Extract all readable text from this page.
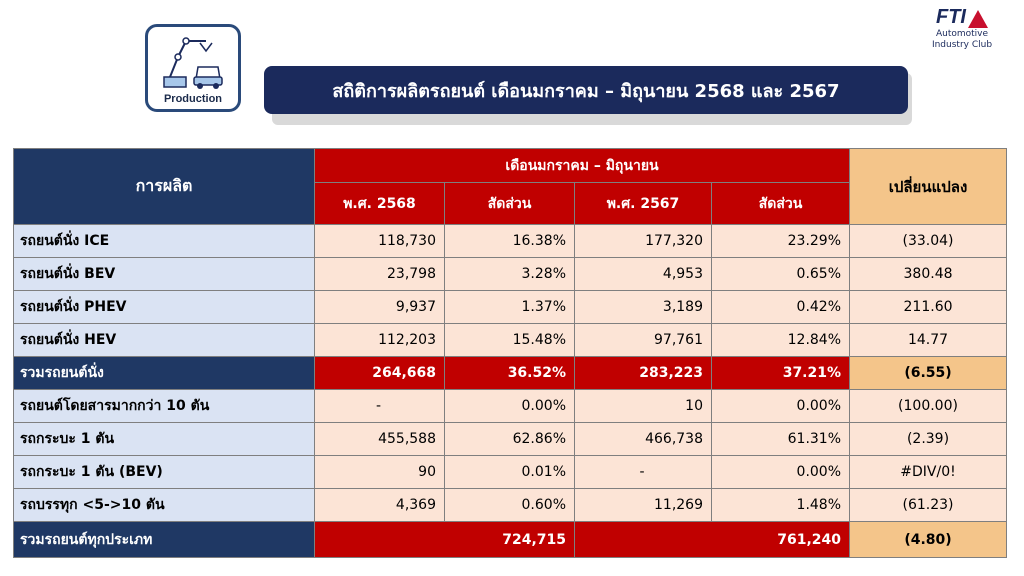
Production	สถิติการผลิตรถยนต์ เดือนมกราคม – มิถุนายน 2568 และ 2567
FTI
Automotive
Industry Club
การผลิต	เดือนมกราคม – มิถุนายน				เปลี่ยนแปลง
	พ.ศ. 2568	สัดส่วน	พ.ศ. 2567	สัดส่วน	
รถยนต์นั่ง ICE	118,730	16.38%	177,320	23.29%	(33.04)
รถยนต์นั่ง BEV	23,798	3.28%	4,953	0.65%	380.48
รถยนต์นั่ง PHEV	9,937	1.37%	3,189	0.42%	211.60
รถยนต์นั่ง HEV	112,203	15.48%	97,761	12.84%	14.77
รวมรถยนต์นั่ง	264,668	36.52%	283,223	37.21%	(6.55)
รถยนต์โดยสารมากกว่า 10 ตัน	-	0.00%	10	0.00%	(100.00)
รถกระบะ 1 ตัน	455,588	62.86%	466,738	61.31%	(2.39)
รถกระบะ 1 ตัน (BEV)	90	0.01%	-	0.00%	#DIV/0!
รถบรรทุก <5->10 ตัน	4,369	0.60%	11,269	1.48%	(61.23)
รวมรถยนต์ทุกประเภท	724,715		761,240		(4.80)
